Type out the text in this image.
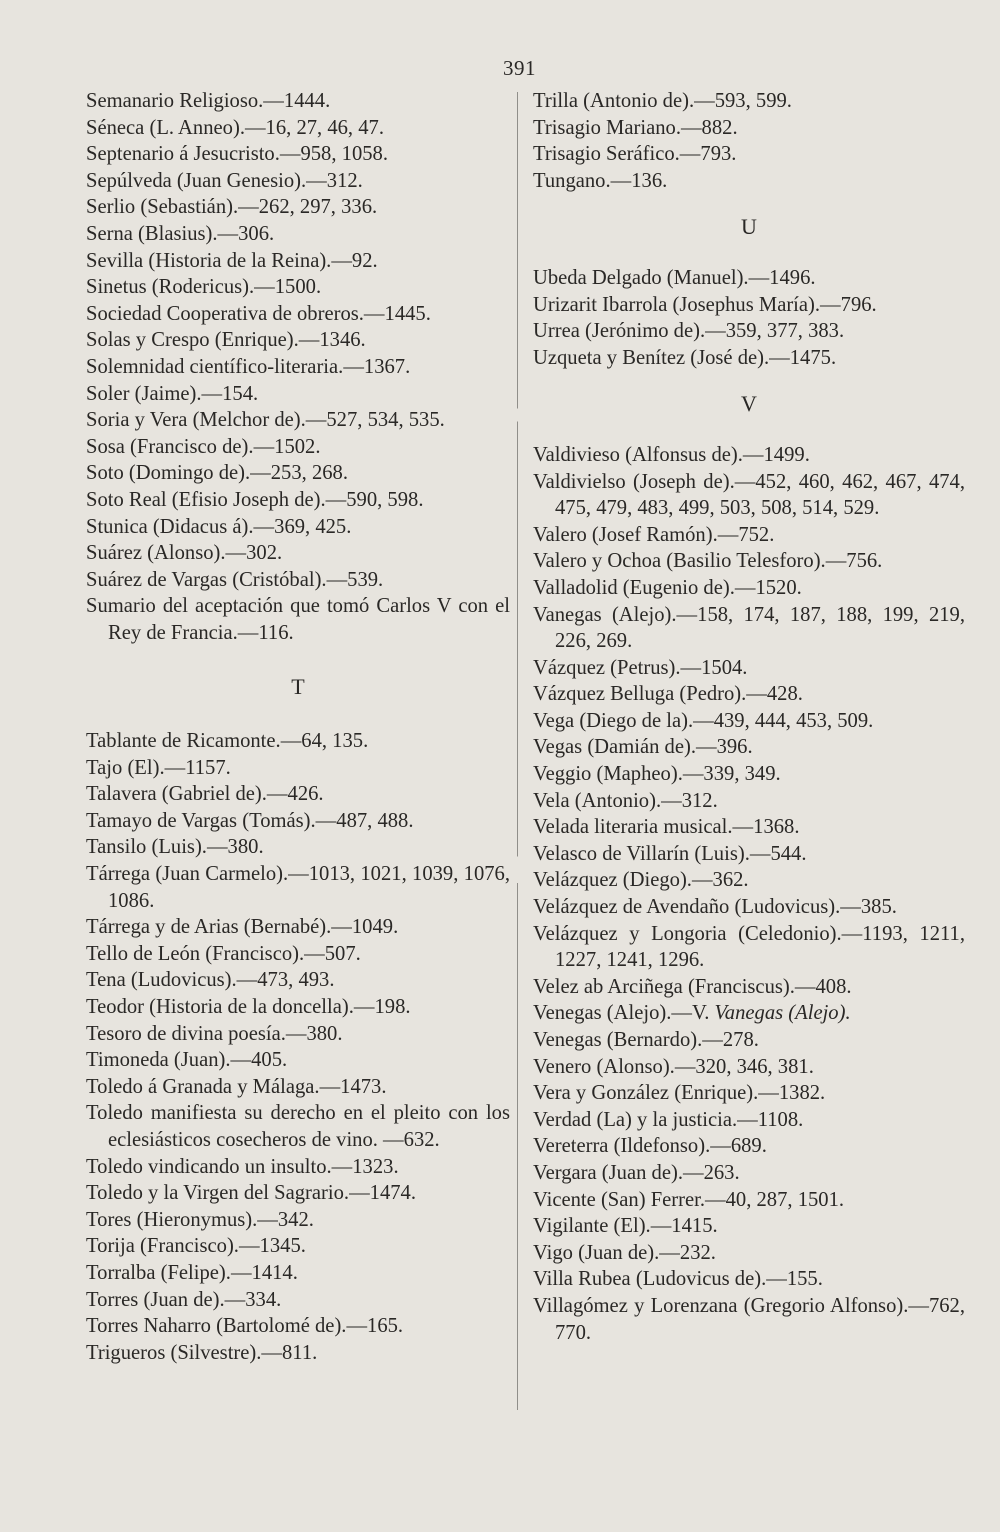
391
Semanario Religioso.—1444.
Séneca (L. Anneo).—16, 27, 46, 47.
Septenario á Jesucristo.—958, 1058.
Sepúlveda (Juan Genesio).—312.
Serlio (Sebastián).—262, 297, 336.
Serna (Blasius).—306.
Sevilla (Historia de la Reina).—92.
Sinetus (Rodericus).—1500.
Sociedad Cooperativa de obreros.—1445.
Solas y Crespo (Enrique).—1346.
Solemnidad científico-literaria.—1367.
Soler (Jaime).—154.
Soria y Vera (Melchor de).—527, 534, 535.
Sosa (Francisco de).—1502.
Soto (Domingo de).—253, 268.
Soto Real (Efisio Joseph de).—590, 598.
Stunica (Didacus á).—369, 425.
Suárez (Alonso).—302.
Suárez de Vargas (Cristóbal).—539.
Sumario del aceptación que tomó Carlos V con el Rey de Francia.—116.
T
Tablante de Ricamonte.—64, 135.
Tajo (El).—1157.
Talavera (Gabriel de).—426.
Tamayo de Vargas (Tomás).—487, 488.
Tansilo (Luis).—380.
Tárrega (Juan Carmelo).—1013, 1021, 1039, 1076, 1086.
Tárrega y de Arias (Bernabé).—1049.
Tello de León (Francisco).—507.
Tena (Ludovicus).—473, 493.
Teodor (Historia de la doncella).—198.
Tesoro de divina poesía.—380.
Timoneda (Juan).—405.
Toledo á Granada y Málaga.—1473.
Toledo manifiesta su derecho en el pleito con los eclesiásticos cosecheros de vino. —632.
Toledo vindicando un insulto.—1323.
Toledo y la Virgen del Sagrario.—1474.
Tores (Hieronymus).—342.
Torija (Francisco).—1345.
Torralba (Felipe).—1414.
Torres (Juan de).—334.
Torres Naharro (Bartolomé de).—165.
Trigueros (Silvestre).—811.
Trilla (Antonio de).—593, 599.
Trisagio Mariano.—882.
Trisagio Seráfico.—793.
Tungano.—136.
U
Ubeda Delgado (Manuel).—1496.
Urizarit Ibarrola (Josephus María).—796.
Urrea (Jerónimo de).—359, 377, 383.
Uzqueta y Benítez (José de).—1475.
V
Valdivieso (Alfonsus de).—1499.
Valdivielso (Joseph de).—452, 460, 462, 467, 474, 475, 479, 483, 499, 503, 508, 514, 529.
Valero (Josef Ramón).—752.
Valero y Ochoa (Basilio Telesforo).—756.
Valladolid (Eugenio de).—1520.
Vanegas (Alejo).—158, 174, 187, 188, 199, 219, 226, 269.
Vázquez (Petrus).—1504.
Vázquez Belluga (Pedro).—428.
Vega (Diego de la).—439, 444, 453, 509.
Vegas (Damián de).—396.
Veggio (Mapheo).—339, 349.
Vela (Antonio).—312.
Velada literaria musical.—1368.
Velasco de Villarín (Luis).—544.
Velázquez (Diego).—362.
Velázquez de Avendaño (Ludovicus).—385.
Velázquez y Longoria (Celedonio).—1193, 1211, 1227, 1241, 1296.
Velez ab Arciñega (Franciscus).—408.
Venegas (Alejo).—V. Vanegas (Alejo).
Venegas (Bernardo).—278.
Venero (Alonso).—320, 346, 381.
Vera y González (Enrique).—1382.
Verdad (La) y la justicia.—1108.
Vereterra (Ildefonso).—689.
Vergara (Juan de).—263.
Vicente (San) Ferrer.—40, 287, 1501.
Vigilante (El).—1415.
Vigo (Juan de).—232.
Villa Rubea (Ludovicus de).—155.
Villagómez y Lorenzana (Gregorio Alfonso).—762, 770.
